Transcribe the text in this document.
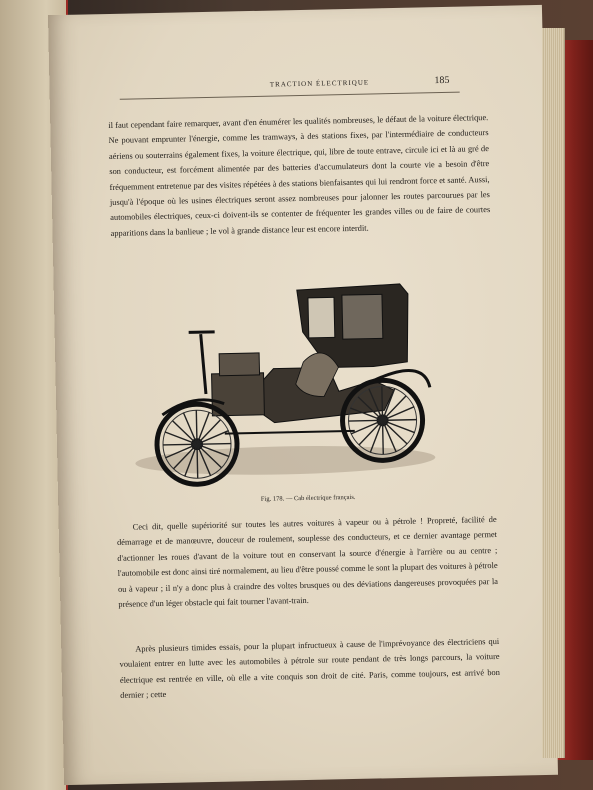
TRACTION ÉLECTRIQUE	185

il faut cependant faire remarquer, avant d'en énumérer les qualités nombreuses, le défaut de la voiture électrique. Ne pouvant emprunter l'énergie, comme les tramways, à des stations fixes, par l'intermédiaire de conducteurs aériens ou souterrains également fixes, la voiture électrique, qui, libre de toute entrave, circule ici et là au gré de son conducteur, est forcément alimentée par des batteries d'accumulateurs dont la courte vie a besoin d'être fréquemment entretenue par des visites répétées à des stations bienfaisantes qui lui rendront force et santé. Aussi, jusqu'à l'époque où les usines électriques seront assez nombreuses pour jalonner les routes parcourues par les automobiles électriques, ceux-ci doivent-ils se contenter de fréquenter les grandes villes ou de faire de courtes apparitions dans la banlieue ; le vol à grande distance leur est encore interdit.

Fig. 178. — Cab électrique français.

Ceci dit, quelle supériorité sur toutes les autres voitures à vapeur ou à pétrole ! Propreté, facilité de démarrage et de manœuvre, douceur de roulement, souplesse des conducteurs, et ce dernier avantage permet d'actionner les roues d'avant de la voiture tout en conservant la source d'énergie à l'arrière ou au centre ; l'automobile est donc ainsi tiré normalement, au lieu d'être poussé comme le sont la plupart des voitures à pétrole ou à vapeur ; il n'y a donc plus à craindre des voltes brusques ou des déviations dangereuses provoquées par la présence d'un léger obstacle qui fait tourner l'avant-train.

Après plusieurs timides essais, pour la plupart infructueux à cause de l'imprévoyance des électriciens qui voulaient entrer en lutte avec les automobiles à pétrole sur route pendant de très longs parcours, la voiture électrique est rentrée en ville, où elle a vite conquis son droit de cité. Paris, comme toujours, est arrivé bon dernier ; cette
